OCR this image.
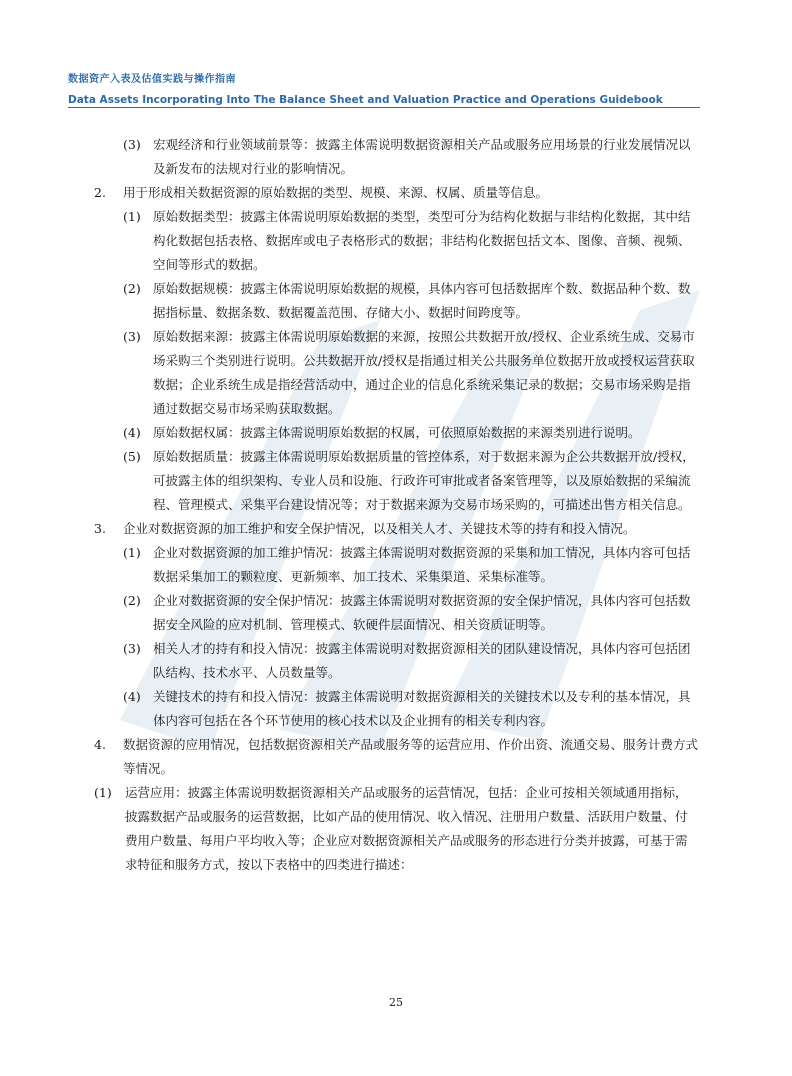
数据资产入表及估值实践与操作指南
Data Assets Incorporating Into The Balance Sheet and Valuation Practice and Operations Guidebook
(3) 宏观经济和行业领域前景等：披露主体需说明数据资源相关产品或服务应用场景的行业发展情况以及新发布的法规对行业的影响情况。
2. 用于形成相关数据资源的原始数据的类型、规模、来源、权属、质量等信息。
(1) 原始数据类型：披露主体需说明原始数据的类型，类型可分为结构化数据与非结构化数据，其中结构化数据包括表格、数据库或电子表格形式的数据；非结构化数据包括文本、图像、音频、视频、空间等形式的数据。
(2) 原始数据规模：披露主体需说明原始数据的规模，具体内容可包括数据库个数、数据品种个数、数据指标量、数据条数、数据覆盖范围、存储大小、数据时间跨度等。
(3) 原始数据来源：披露主体需说明原始数据的来源，按照公共数据开放/授权、企业系统生成、交易市场采购三个类别进行说明。公共数据开放/授权是指通过相关公共服务单位数据开放或授权运营获取数据；企业系统生成是指经营活动中，通过企业的信息化系统采集记录的数据；交易市场采购是指通过数据交易市场采购获取数据。
(4) 原始数据权属：披露主体需说明原始数据的权属，可依照原始数据的来源类别进行说明。
(5) 原始数据质量：披露主体需说明原始数据质量的管控体系，对于数据来源为企公共数据开放/授权，可披露主体的组织架构、专业人员和设施、行政许可审批或者备案管理等，以及原始数据的采编流程、管理模式、采集平台建设情况等；对于数据来源为交易市场采购的，可描述出售方相关信息。
3. 企业对数据资源的加工维护和安全保护情况，以及相关人才、关键技术等的持有和投入情况。
(1) 企业对数据资源的加工维护情况：披露主体需说明对数据资源的采集和加工情况，具体内容可包括数据采集加工的颗粒度、更新频率、加工技术、采集渠道、采集标准等。
(2) 企业对数据资源的安全保护情况：披露主体需说明对数据资源的安全保护情况，具体内容可包括数据安全风险的应对机制、管理模式、软硬件层面情况、相关资质证明等。
(3) 相关人才的持有和投入情况：披露主体需说明对数据资源相关的团队建设情况，具体内容可包括团队结构、技术水平、人员数量等。
(4) 关键技术的持有和投入情况：披露主体需说明对数据资源相关的关键技术以及专利的基本情况，具体内容可包括在各个环节使用的核心技术以及企业拥有的相关专利内容。
4. 数据资源的应用情况，包括数据资源相关产品或服务等的运营应用、作价出资、流通交易、服务计费方式等情况。
(1) 运营应用：披露主体需说明数据资源相关产品或服务的运营情况，包括：企业可按相关领域通用指标，披露数据产品或服务的运营数据，比如产品的使用情况、收入情况、注册用户数量、活跃用户数量、付费用户数量、每用户平均收入等；企业应对数据资源相关产品或服务的形态进行分类并披露，可基于需求特征和服务方式，按以下表格中的四类进行描述：
25
